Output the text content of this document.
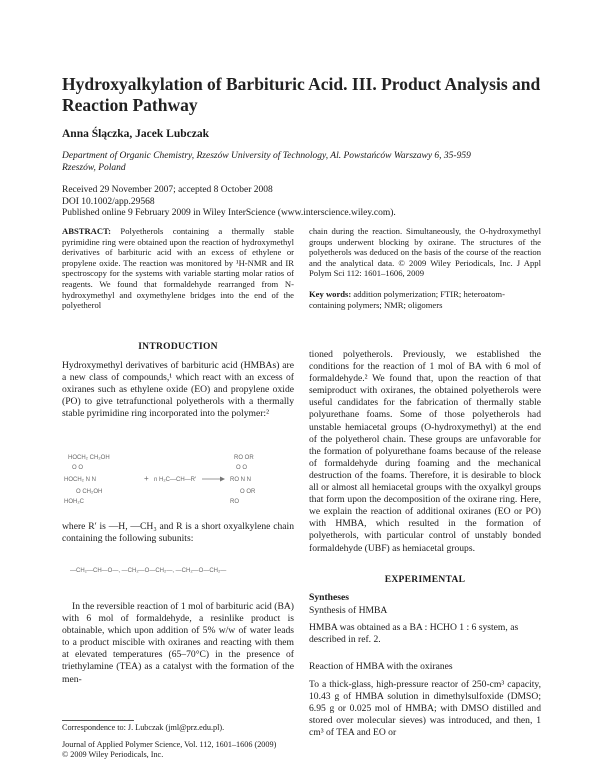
Hydroxyalkylation of Barbituric Acid. III. Product Analysis and Reaction Pathway
Anna Ślączka, Jacek Lubczak
Department of Organic Chemistry, Rzeszów University of Technology, Al. Powstańców Warszawy 6, 35-959 Rzeszów, Poland
Received 29 November 2007; accepted 8 October 2008
DOI 10.1002/app.29568
Published online 9 February 2009 in Wiley InterScience (www.interscience.wiley.com).
ABSTRACT: Polyetherols containing a thermally stable pyrimidine ring were obtained upon the reaction of hydroxymethyl derivatives of barbituric acid with an excess of ethylene or propylene oxide. The reaction was monitored by ¹H-NMR and IR spectroscopy for the systems with variable starting molar ratios of reagents. We found that formaldehyde rearranged from N-hydroxymethyl and oxymethylene bridges into the end of the polyetherol
chain during the reaction. Simultaneously, the O-hydroxymethyl groups underwent blocking by oxirane. The structures of the polyetherols was deduced on the basis of the course of the reaction and the analytical data. © 2009 Wiley Periodicals, Inc. J Appl Polym Sci 112: 1601–1606, 2009
Key words: addition polymerization; FTIR; heteroatom-containing polymers; NMR; oligomers
INTRODUCTION
Hydroxymethyl derivatives of barbituric acid (HMBAs) are a new class of compounds,¹ which react with an excess of oxiranes such as ethylene oxide (EO) and propylene oxide (PO) to give tetrafunctional polyetherols with a thermally stable pyrimidine ring incorporated into the polymer:²
HOCH₂ CH₂OH
O O
HOCH₂ N N
O CH₂OH
HOH₂C
+ n H₂C—CH—R′
RO OR
O O
RO N N
O OR
RO
where R′ is —H, —CH₃ and R is a short oxyalkylene chain containing the following subunits:
—CH₂—CH—O—, —CH₂—O—CH₂—, —CH₂—O—CH₂—
In the reversible reaction of 1 mol of barbituric acid (BA) with 6 mol of formaldehyde, a resinlike product is obtainable, which upon addition of 5% w/w of water leads to a product miscible with oxiranes and reacting with them at elevated temperatures (65–70°C) in the presence of triethylamine (TEA) as a catalyst with the formation of the men-
Correspondence to: J. Lubczak (jml@prz.edu.pl).
Journal of Applied Polymer Science, Vol. 112, 1601–1606 (2009)
© 2009 Wiley Periodicals, Inc.
tioned polyetherols. Previously, we established the conditions for the reaction of 1 mol of BA with 6 mol of formaldehyde.² We found that, upon the reaction of that semiproduct with oxiranes, the obtained polyetherols were useful candidates for the fabrication of thermally stable polyurethane foams. Some of those polyetherols had unstable hemiacetal groups (O-hydroxymethyl) at the end of the polyetherol chain. These groups are unfavorable for the formation of polyurethane foams because of the release of formaldehyde during foaming and the mechanical destruction of the foams. Therefore, it is desirable to block all or almost all hemiacetal groups with the oxyalkyl groups that form upon the decomposition of the oxirane ring. Here, we explain the reaction of additional oxiranes (EO or PO) with HMBA, which resulted in the formation of polyetherols, with particular control of unstably bonded formaldehyde (UBF) as hemiacetal groups.
EXPERIMENTAL
Syntheses
Synthesis of HMBA
HMBA was obtained as a BA : HCHO 1 : 6 system, as described in ref. 2.
Reaction of HMBA with the oxiranes
To a thick-glass, high-pressure reactor of 250-cm³ capacity, 10.43 g of HMBA solution in dimethylsulfoxide (DMSO; 6.95 g or 0.025 mol of HMBA; with DMSO distilled and stored over molecular sieves) was introduced, and then, 1 cm³ of TEA and EO or
